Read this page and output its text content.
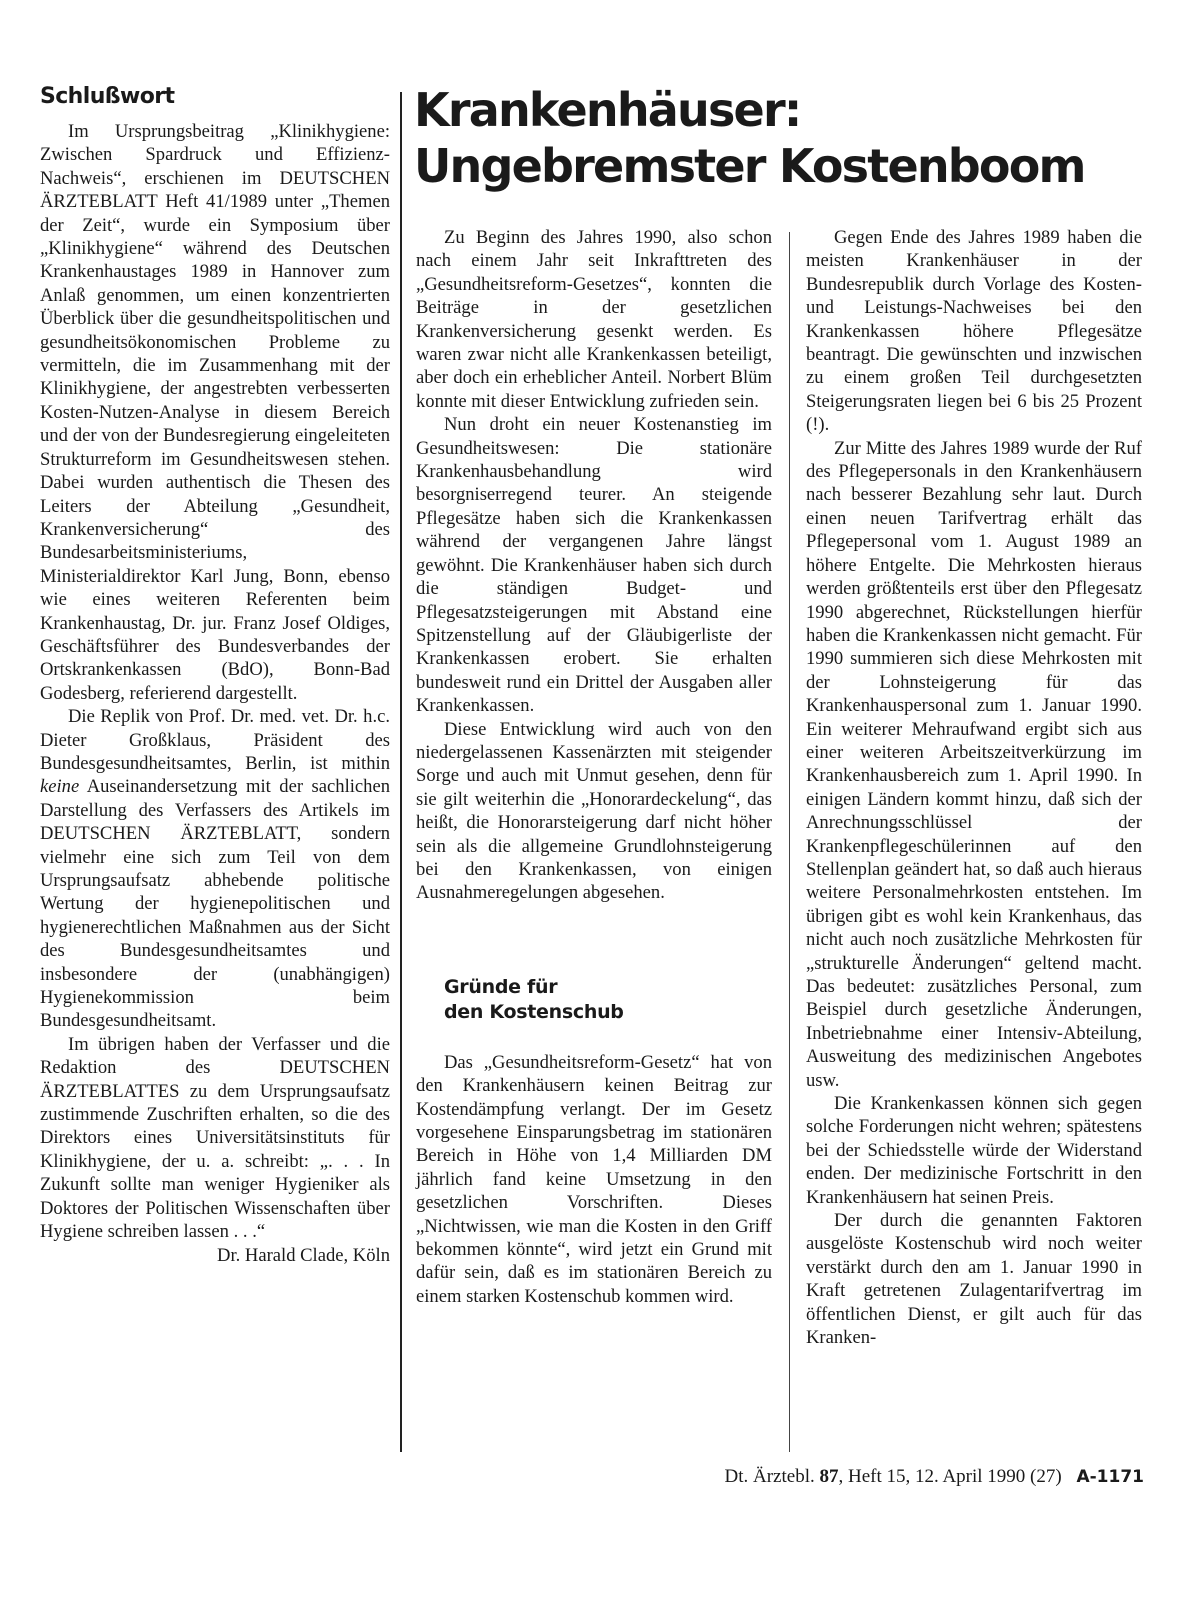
Schlußwort

Im Ursprungsbeitrag „Klinikhygiene: Zwischen Spardruck und Effizienz-Nachweis“, erschienen im DEUTSCHEN ÄRZTEBLATT Heft 41/1989 unter „Themen der Zeit“, wurde ein Symposium über „Klinikhygiene“ während des Deutschen Krankenhaustages 1989 in Hannover zum Anlaß genommen, um einen konzentrierten Überblick über die gesundheitspolitischen und gesundheitsökonomischen Probleme zu vermitteln, die im Zusammenhang mit der Klinikhygiene, der angestrebten verbesserten Kosten-Nutzen-Analyse in diesem Bereich und der von der Bundesregierung eingeleiteten Strukturreform im Gesundheitswesen stehen. Dabei wurden authentisch die Thesen des Leiters der Abteilung „Gesundheit, Krankenversicherung“ des Bundesarbeitsministeriums, Ministerialdirektor Karl Jung, Bonn, ebenso wie eines weiteren Referenten beim Krankenhaustag, Dr. jur. Franz Josef Oldiges, Geschäftsführer des Bundesverbandes der Ortskrankenkassen (BdO), Bonn-Bad Godesberg, referierend dargestellt.

Die Replik von Prof. Dr. med. vet. Dr. h.c. Dieter Großklaus, Präsident des Bundesgesundheitsamtes, Berlin, ist mithin keine Auseinandersetzung mit der sachlichen Darstellung des Verfassers des Artikels im DEUTSCHEN ÄRZTEBLATT, sondern vielmehr eine sich zum Teil von dem Ursprungsaufsatz abhebende politische Wertung der hygienepolitischen und hygienerechtlichen Maßnahmen aus der Sicht des Bundesgesundheitsamtes und insbesondere der (unabhängigen) Hygienekommission beim Bundesgesundheitsamt.

Im übrigen haben der Verfasser und die Redaktion des DEUTSCHEN ÄRZTEBLATTES zu dem Ursprungsaufsatz zustimmende Zuschriften erhalten, so die des Direktors eines Universitätsinstituts für Klinikhygiene, der u. a. schreibt: „. . . In Zukunft sollte man weniger Hygieniker als Doktores der Politischen Wissenschaften über Hygiene schreiben lassen . . .“

Dr. Harald Clade, Köln

Krankenhäuser:
Ungebremster Kostenboom

Zu Beginn des Jahres 1990, also schon nach einem Jahr seit Inkrafttreten des „Gesundheitsreform-Gesetzes“, konnten die Beiträge in der gesetzlichen Krankenversicherung gesenkt werden. Es waren zwar nicht alle Krankenkassen beteiligt, aber doch ein erheblicher Anteil. Norbert Blüm konnte mit dieser Entwicklung zufrieden sein.

Nun droht ein neuer Kostenanstieg im Gesundheitswesen: Die stationäre Krankenhausbehandlung wird besorgniserregend teurer. An steigende Pflegesätze haben sich die Krankenkassen während der vergangenen Jahre längst gewöhnt. Die Krankenhäuser haben sich durch die ständigen Budget- und Pflegesatzsteigerungen mit Abstand eine Spitzenstellung auf der Gläubigerliste der Krankenkassen erobert. Sie erhalten bundesweit rund ein Drittel der Ausgaben aller Krankenkassen.

Diese Entwicklung wird auch von den niedergelassenen Kassenärzten mit steigender Sorge und auch mit Unmut gesehen, denn für sie gilt weiterhin die „Honorardeckelung“, das heißt, die Honorarsteigerung darf nicht höher sein als die allgemeine Grundlohnsteigerung bei den Krankenkassen, von einigen Ausnahmeregelungen abgesehen.

Gründe für
den Kostenschub

Das „Gesundheitsreform-Gesetz“ hat von den Krankenhäusern keinen Beitrag zur Kostendämpfung verlangt. Der im Gesetz vorgesehene Einsparungsbetrag im stationären Bereich in Höhe von 1,4 Milliarden DM jährlich fand keine Umsetzung in den gesetzlichen Vorschriften. Dieses „Nichtwissen, wie man die Kosten in den Griff bekommen könnte“, wird jetzt ein Grund mit dafür sein, daß es im stationären Bereich zu einem starken Kostenschub kommen wird.

Gegen Ende des Jahres 1989 haben die meisten Krankenhäuser in der Bundesrepublik durch Vorlage des Kosten- und Leistungs-Nachweises bei den Krankenkassen höhere Pflegesätze beantragt. Die gewünschten und inzwischen zu einem großen Teil durchgesetzten Steigerungsraten liegen bei 6 bis 25 Prozent (!).

Zur Mitte des Jahres 1989 wurde der Ruf des Pflegepersonals in den Krankenhäusern nach besserer Bezahlung sehr laut. Durch einen neuen Tarifvertrag erhält das Pflegepersonal vom 1. August 1989 an höhere Entgelte. Die Mehrkosten hieraus werden größtenteils erst über den Pflegesatz 1990 abgerechnet, Rückstellungen hierfür haben die Krankenkassen nicht gemacht. Für 1990 summieren sich diese Mehrkosten mit der Lohnsteigerung für das Krankenhauspersonal zum 1. Januar 1990. Ein weiterer Mehraufwand ergibt sich aus einer weiteren Arbeitszeitverkürzung im Krankenhausbereich zum 1. April 1990. In einigen Ländern kommt hinzu, daß sich der Anrechnungsschlüssel der Krankenpflegeschülerinnen auf den Stellenplan geändert hat, so daß auch hieraus weitere Personalmehrkosten entstehen. Im übrigen gibt es wohl kein Krankenhaus, das nicht auch noch zusätzliche Mehrkosten für „strukturelle Änderungen“ geltend macht. Das bedeutet: zusätzliches Personal, zum Beispiel durch gesetzliche Änderungen, Inbetriebnahme einer Intensiv-Abteilung, Ausweitung des medizinischen Angebotes usw.

Die Krankenkassen können sich gegen solche Forderungen nicht wehren; spätestens bei der Schiedsstelle würde der Widerstand enden. Der medizinische Fortschritt in den Krankenhäusern hat seinen Preis.

Der durch die genannten Faktoren ausgelöste Kostenschub wird noch weiter verstärkt durch den am 1. Januar 1990 in Kraft getretenen Zulagentarifvertrag im öffentlichen Dienst, er gilt auch für das Kranken-

Dt. Ärztebl. 87, Heft 15, 12. April 1990 (27) A-1171
